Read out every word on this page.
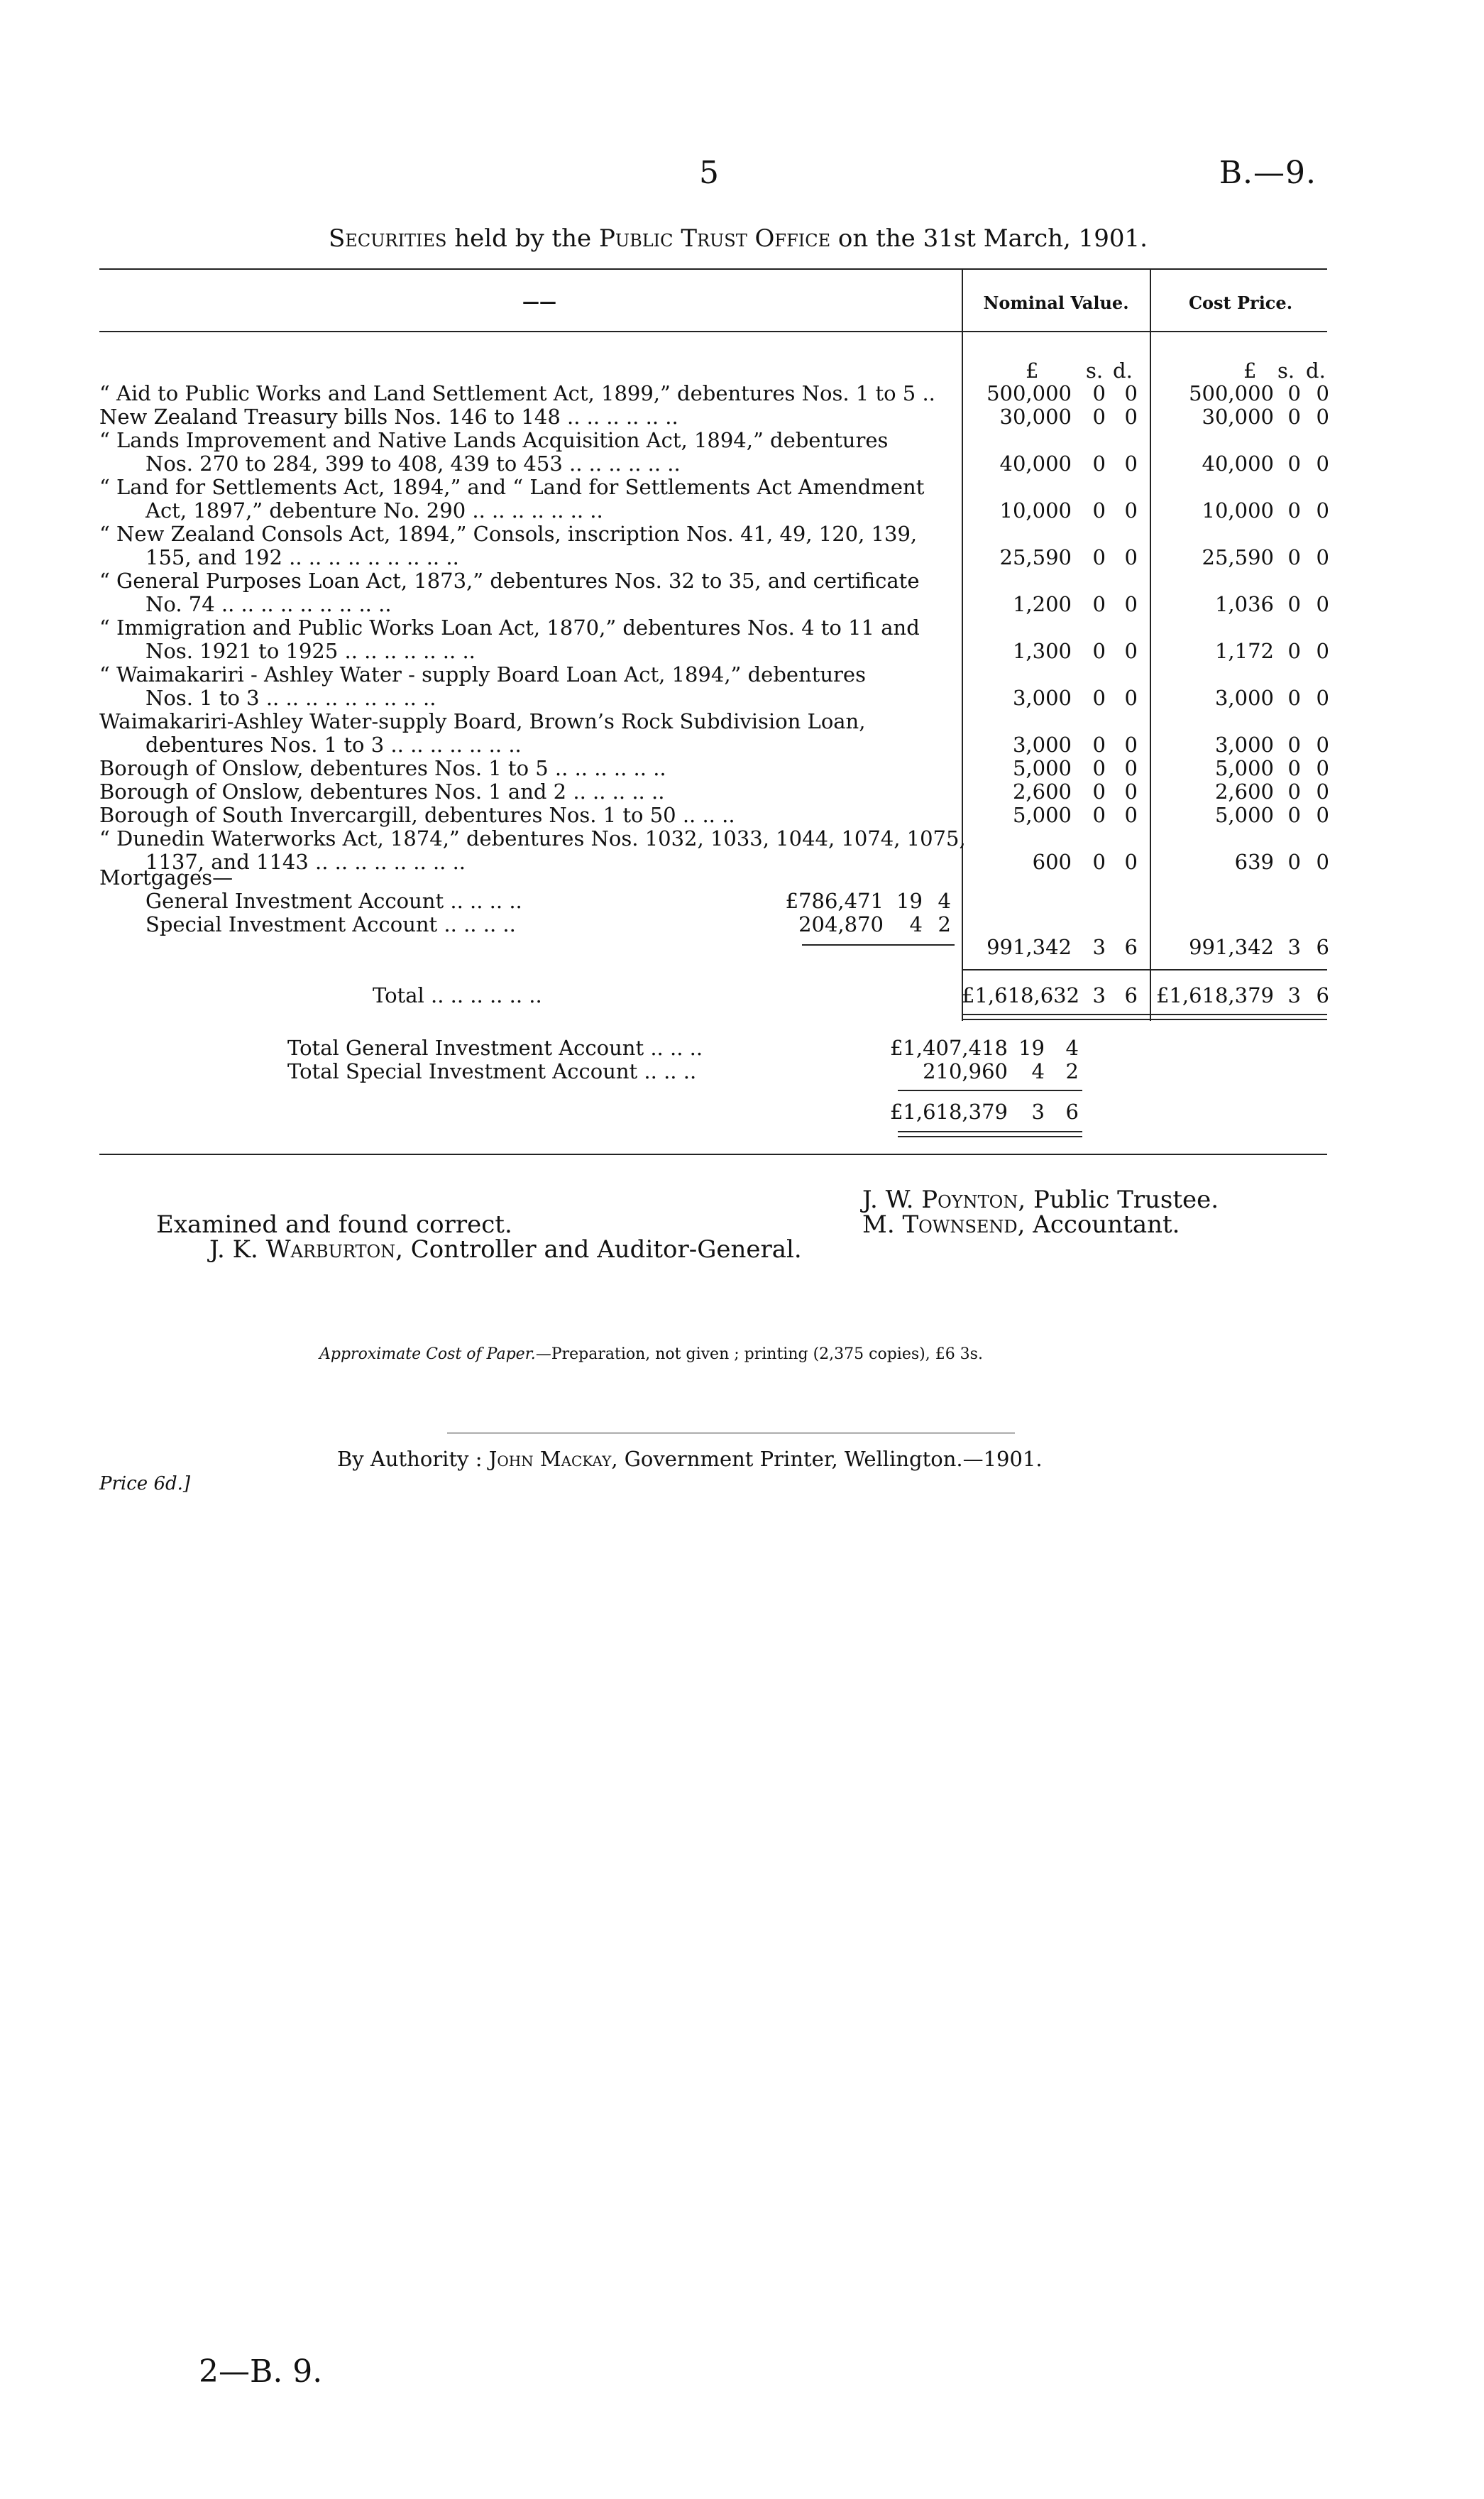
5	B.—9.
Securities held by the Public Trust Office on the 31st March, 1901.
——	Nominal Value.	Cost Price.
£ s. d.	£ s. d.
“ Aid to Public Works and Land Settlement Act, 1899,” debentures Nos. 1 to 5 ..	500,000	0 0	500,000 0 0
New Zealand Treasury bills Nos. 146 to 148 .. .. .. .. .. ..	30,000	0 0	30,000 0 0
“ Lands Improvement and Native Lands Acquisition Act, 1894,” debentures
Nos. 270 to 284, 399 to 408, 439 to 453 .. .. .. .. .. ..	40,000	0 0	40,000 0 0
“ Land for Settlements Act, 1894,” and “ Land for Settlements Act Amendment
Act, 1897,” debenture No. 290 .. .. .. .. .. .. ..	10,000	0 0	10,000 0 0
“ New Zealand Consols Act, 1894,” Consols, inscription Nos. 41, 49, 120, 139,
155, and 192 .. .. .. .. .. .. .. .. ..	25,590	0 0	25,590 0 0
“ General Purposes Loan Act, 1873,” debentures Nos. 32 to 35, and certificate
No. 74 .. .. .. .. .. .. .. .. ..	1,200	0 0	1,036 0 0
“ Immigration and Public Works Loan Act, 1870,” debentures Nos. 4 to 11 and
Nos. 1921 to 1925 .. .. .. .. .. .. ..	1,300	0 0	1,172 0 0
“ Waimakariri - Ashley Water - supply Board Loan Act, 1894,” debentures
Nos. 1 to 3 .. .. .. .. .. .. .. .. ..	3,000	0 0	3,000 0 0
Waimakariri-Ashley Water-supply Board, Brown’s Rock Subdivision Loan,
debentures Nos. 1 to 3 .. .. .. .. .. .. ..	3,000	0 0	3,000 0 0
Borough of Onslow, debentures Nos. 1 to 5 .. .. .. .. .. ..	5,000	0 0	5,000 0 0
Borough of Onslow, debentures Nos. 1 and 2 .. .. .. .. ..	2,600	0 0	2,600 0 0
Borough of South Invercargill, debentures Nos. 1 to 50 .. .. ..	5,000	0 0	5,000 0 0
“ Dunedin Waterworks Act, 1874,” debentures Nos. 1032, 1033, 1044, 1074, 1075,
1137, and 1143 .. .. .. .. .. .. .. ..	600	0 0	639 0 0
Mortgages—
General Investment Account .. .. .. ..	£786,471 19 4
Special Investment Account .. .. .. ..	204,870	4 2
991,342	3 6	991,342 3 6
Total .. .. .. .. .. ..	£1,618,632 3 6 £1,618,379 3 6
Total General Investment Account .. .. ..	£1,407,418 19	4
Total Special Investment Account .. .. ..	210,960	4	2
£1,618,379	3	6
J. W. Poynton, Public Trustee.
Examined and found correct.	M. Townsend, Accountant.
J. K. Warburton, Controller and Auditor-General.
Approximate Cost of Paper.—Preparation, not given ; printing (2,375 copies), £6 3s.
By Authority : John Mackay, Government Printer, Wellington.—1901.
Price 6d.]
2—B. 9.
